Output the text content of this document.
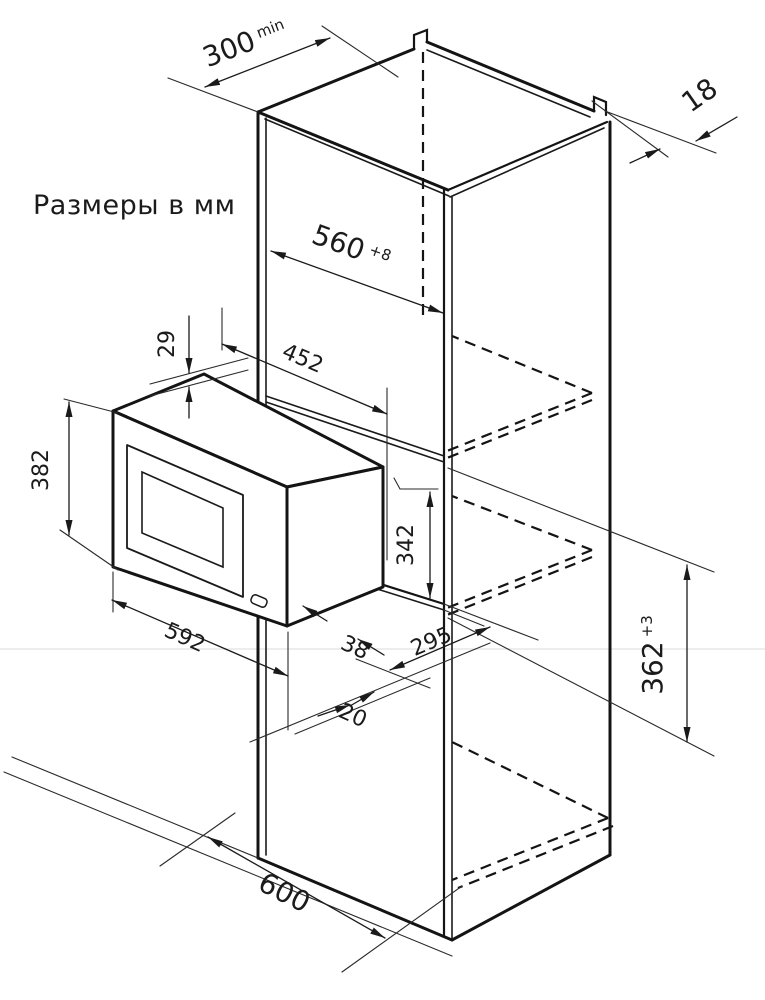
300min
18
560+8
452
29
382
592	38 295
20
342
362+3
600
Размеры в мм
